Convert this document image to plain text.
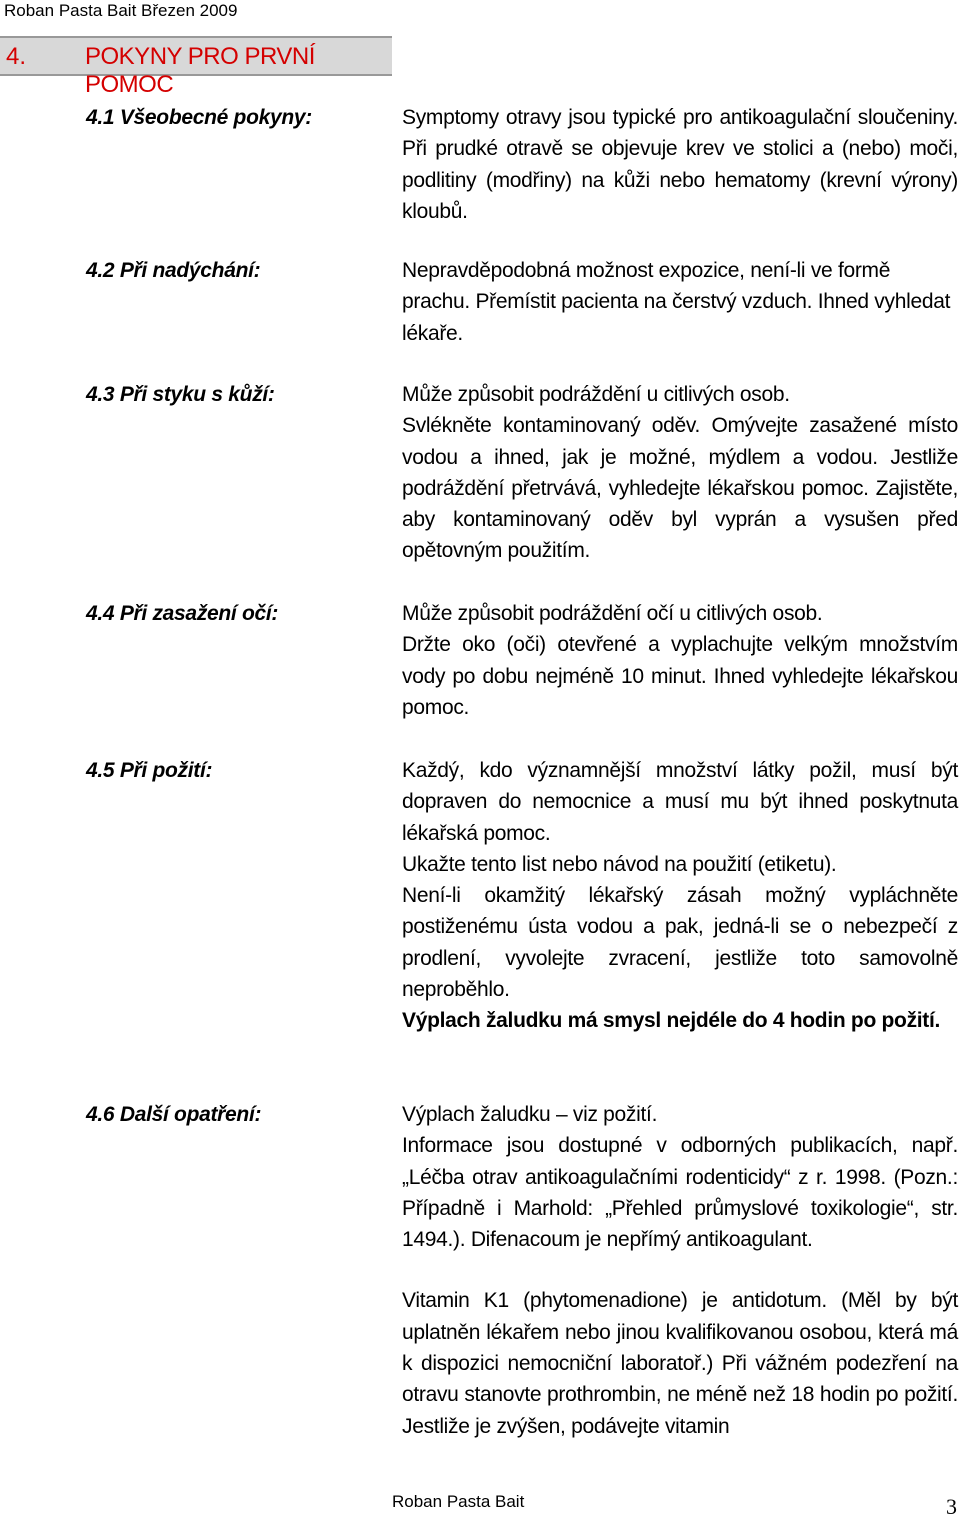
Roban Pasta Bait Březen 2009
4. POKYNY PRO PRVNÍ POMOC
4.1 Všeobecné pokyny:	Symptomy otravy jsou typické pro antikoagulační sloučeniny. Při prudké otravě se objevuje krev ve stolici a (nebo) moči, podlitiny (modřiny) na kůži nebo hematomy (krevní výrony) kloubů.

4.2 Při nadýchání:	Nepravděpodobná možnost expozice, není-li ve formě prachu. Přemístit pacienta na čerstvý vzduch. Ihned vyhledat lékaře.

4.3 Při styku s kůží:	Může způsobit podráždění u citlivých osob.

Svlékněte kontaminovaný oděv. Omývejte zasažené místo vodou a ihned, jak je možné, mýdlem a vodou. Jestliže podráždění přetrvává, vyhledejte lékařskou pomoc. Zajistěte, aby kontaminovaný oděv byl vyprán a vysušen před opětovným použitím.

4.4 Při zasažení očí:	Může způsobit podráždění očí u citlivých osob.

Držte oko (oči) otevřené a vyplachujte velkým množstvím vody po dobu nejméně 10 minut. Ihned vyhledejte lékařskou pomoc.

4.5 Při požití:	Každý, kdo významnější množství látky požil, musí být dopraven do nemocnice a musí mu být ihned poskytnuta lékařská pomoc.

Ukažte tento list nebo návod na použití (etiketu).

Není-li okamžitý lékařský zásah možný vypláchněte postiženému ústa vodou a pak, jedná-li se o nebezpečí z prodlení, vyvolejte zvracení, jestliže toto samovolně neproběhlo.

Výplach žaludku má smysl nejdéle do 4 hodin po požití.

4.6 Další opatření:	Výplach žaludku – viz požití.

Informace jsou dostupné v odborných publikacích, např. „Léčba otrav antikoagulačními rodenticidy“ z r. 1998. (Pozn.: Případně i Marhold: „Přehled průmyslové toxikologie“, str. 1494.). Difenacoum je nepřímý antikoagulant.

Vitamin K1 (phytomenadione) je antidotum. (Měl by být uplatněn lékařem nebo jinou kvalifikovanou osobou, která má k dispozici nemocniční laboratoř.) Při vážném podezření na otravu stanovte prothrombin, ne méně než 18 hodin po požití. Jestliže je zvýšen, podávejte vitamin

Roban Pasta Bait	3
